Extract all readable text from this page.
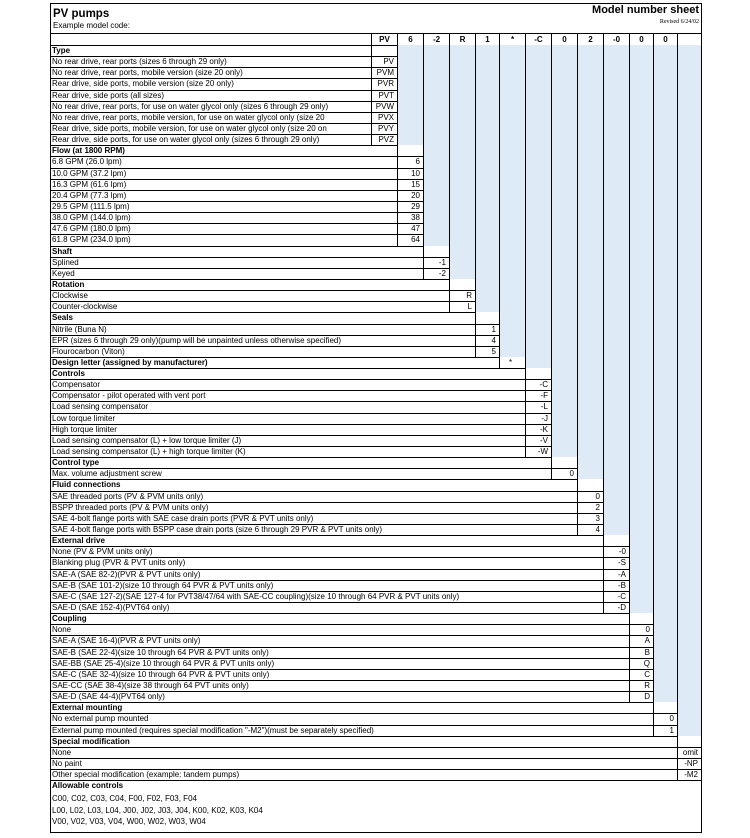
PV pumps
Example model code:
Model number sheet
Revised 6/24/02
PV	6	-2	R	1	*	-C	0	2	-0	0	0
Type
No rear drive, rear ports (sizes 6 through 29 only)	PV
No rear drive, rear ports, mobile version (size 20 only)	PVM
Rear drive, side ports, mobile version (size 20 only)	PVR
Rear drive, side ports (all sizes)	PVT
No rear drive, rear ports, for use on water glycol only (sizes 6 through 29 only)	PVW
No rear drive, rear ports, mobile version, for use on water glycol only (size 20	PVX
Rear drive, side ports, mobile version, for use on water glycol only (size 20 on	PVY
Rear drive, side ports, for use on water glycol only (sizes 6 through 29 only)	PVZ
Flow (at 1800 RPM)
6.8 GPM (26.0 lpm)	6
10.0 GPM (37.2 lpm)	10
16.3 GPM (61.6 lpm)	15
20.4 GPM (77.3 lpm)	20
29.5 GPM (111.5 lpm)	29
38.0 GPM (144.0 lpm)	38
47.6 GPM (180.0 lpm)	47
61.8 GPM (234.0 lpm)	64
Shaft
Splined	-1
Keyed	-2
Rotation
Clockwise	R
Counter-clockwise	L
Seals
Nitrile (Buna N)	1
EPR (sizes 6 through 29 only)(pump will be unpainted unless otherwise specified)	4
Flourocarbon (Viton)	5
Design letter (assigned by manufacturer)	*
Controls
Compensator	-C
Compensator - pilot operated with vent port	-F
Load sensing compensator	-L
Low torque limiter	-J
High torque limiter	-K
Load sensing compensator (L) + low torque limiter (J)	-V
Load sensing compensator (L) + high torque limiter (K)	-W
Control type
Max. volume adjustment screw	0
Fluid connections
SAE threaded ports (PV & PVM units only)	0
BSPP threaded ports (PV & PVM units only)	2
SAE 4-bolt flange ports with SAE case drain ports (PVR & PVT units only)	3
SAE 4-bolt flange ports with BSPP case drain ports (size 6 through 29 PVR & PVT units only)	4
External drive
None (PV & PVM units only)	-0
Blanking plug (PVR & PVT units only)	-S
SAE-A (SAE 82-2)(PVR & PVT units only)	-A
SAE-B (SAE 101-2)(size 10 through 64 PVR & PVT units only)	-B
SAE-C (SAE 127-2)(SAE 127-4 for PVT38/47/64 with SAE-CC coupling)(size 10 through 64 PVR & PVT units only)	-C
SAE-D (SAE 152-4)(PVT64 only)	-D
Coupling
None	0
SAE-A (SAE 16-4)(PVR & PVT units only)	A
SAE-B (SAE 22-4)(size 10 through 64 PVR & PVT units only)	B
SAE-BB (SAE 25-4)(size 10 through 64 PVR & PVT units only)	Q
SAE-C (SAE 32-4)(size 10 through 64 PVR & PVT units only)	C
SAE-CC (SAE 38-4)(size 38 through 64 PVT units only)	R
SAE-D (SAE 44-4)(PVT64 only)	D
External mounting
No external pump mounted	0
External pump mounted (requires special modification "-M2")(must be separately specified)	1
Special modification
None	omit
No paint	-NP
Other special modification (example: tandem pumps)	-M2
Allowable controls
C00, C02, C03, C04, F00, F02, F03, F04
L00, L02, L03, L04, J00, J02, J03, J04, K00, K02, K03, K04
V00, V02, V03, V04, W00, W02, W03, W04
